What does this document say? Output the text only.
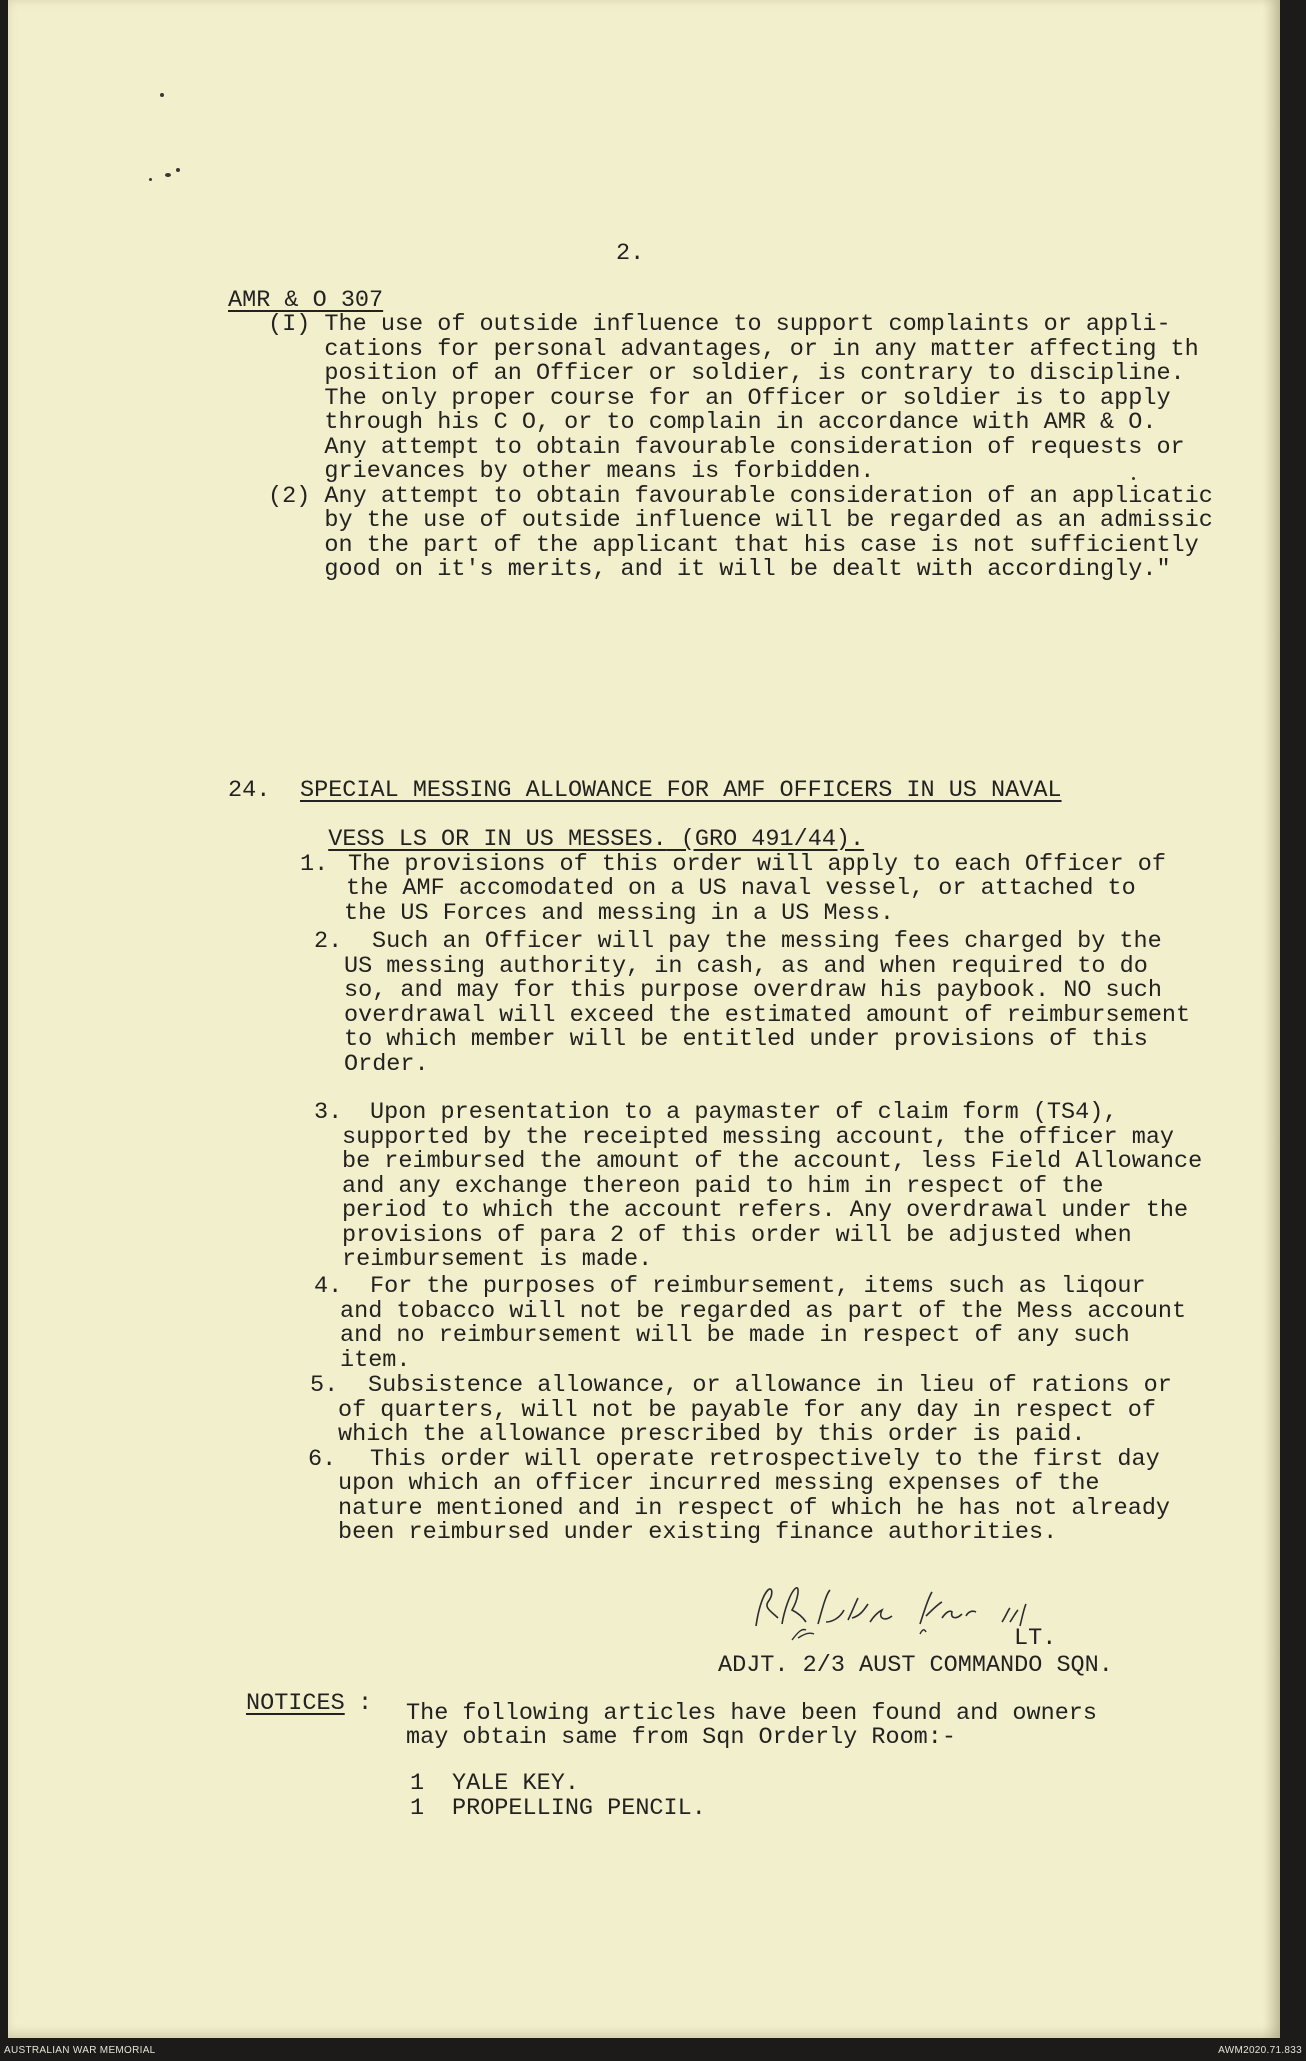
2.
AMR & O 307
(I) The use of outside influence to support complaints or appli-
cations for personal advantages, or in any matter affecting th
position of an Officer or soldier, is contrary to discipline.
The only proper course for an Officer or soldier is to apply
through his C O, or to complain in accordance with AMR & O.
Any attempt to obtain favourable consideration of requests or
grievances by other means is forbidden.
(2) Any attempt to obtain favourable consideration of an applicatic
by the use of outside influence will be regarded as an admissic
on the part of the applicant that his case is not sufficiently
good on it's merits, and it will be dealt with accordingly."
24. SPECIAL MESSING ALLOWANCE FOR AMF OFFICERS IN US NAVAL

VESS LS OR IN US MESSES. (GRO 491/44).

1. The provisions of this order will apply to each Officer of
the AMF accomodated on a US naval vessel, or attached to
the US Forces and messing in a US Mess.
2. Such an Officer will pay the messing fees charged by the
US messing authority, in cash, as and when required to do
so, and may for this purpose overdraw his paybook. NO such
overdrawal will exceed the estimated amount of reimbursement
to which member will be entitled under provisions of this
Order.
3. Upon presentation to a paymaster of claim form (TS4),
supported by the receipted messing account, the officer may
be reimbursed the amount of the account, less Field Allowance
and any exchange thereon paid to him in respect of the
period to which the account refers. Any overdrawal under the
provisions of para 2 of this order will be adjusted when
reimbursement is made.
4. For the purposes of reimbursement, items such as liqour
and tobacco will not be regarded as part of the Mess account
and no reimbursement will be made in respect of any such
item.
5. Subsistence allowance, or allowance in lieu of rations or
of quarters, will not be payable for any day in respect of
which the allowance prescribed by this order is paid.
6. This order will operate retrospectively to the first day
upon which an officer incurred messing expenses of the
nature mentioned and in respect of which he has not already
been reimbursed under existing finance authorities.
LT.
ADJT. 2/3 AUST COMMANDO SQN.
NOTICES : The following articles have been found and owners
may obtain same from Sqn Orderly Room:-
1 YALE KEY.
1 PROPELLING PENCIL.
AUSTRALIAN WAR MEMORIAL	AWM2020.71.833
